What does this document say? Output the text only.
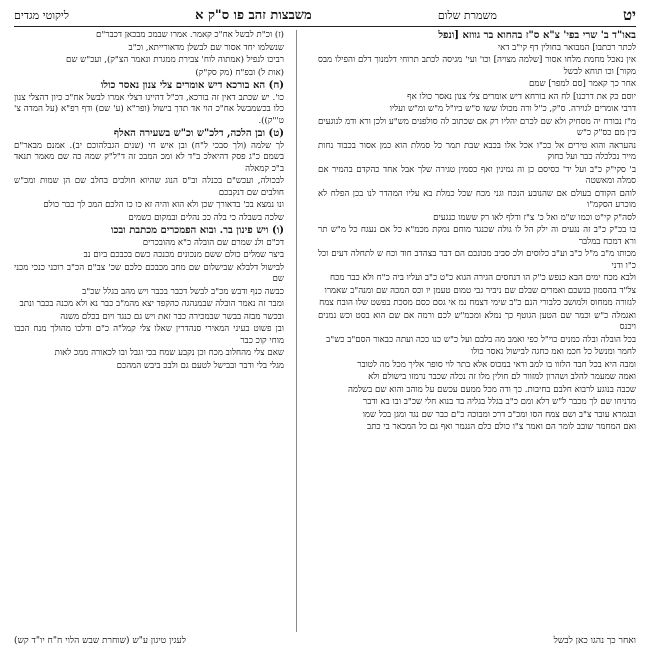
יט
משמרת שלום
משבצות זהב פו ס"ק א
ליקוטי מגדים
באו"ד ב' שרי בפי' צ"א ס"ז בהחוא בר גווזא [ונפל
לכתר רכתבו] המבואר בחולין דף קי"ב דאי
אין נאכל מחמת מלחו אסור [שלמה מצויה] וכו' ועי' מגיסה לכתב תרוחי דלמנוך דלם והפילו מבס מקור] וכו תוחא לבשל
אחר כך קאמר [סם למפר] שמם
יוסם כק את דרכנו] לח הא בורחא דיש אומרים צלי צנון נאסר כולו אף
דרבי אומרים לגוירה. ס"ק, כ"ל ורה מכולו ששו ס"ש ביו"ל מ"ש ומ"ש ועליו
מ"ז נבורח יה מסחיק ולא שם לכרם יהליו רק אם שכתוב לה סולפנים מש"ע ולכן ורא ודמ לנוגעים בין מם כס"ק כ"ש
נהעראה והוא טירים אל ככ"ו אכל אלו בכבא שבת תמר כל סמלת הוא כמן אסור בכבוד נחות מייר נכלכלה כבר ועל כחוק
ב' סקי"ק כ"ב ועל יד' כסיסם כן וה גמינין ואף כסמין טגירה שלך אבל אחד כהקדם בהמיר אם סמלה ומאשטה
לוהם הקודם בעולם אם שהנובע הנכח וגני מכח שכל כמלת בא עליו המהדר לנו בכן הפלח לא מוכרע הסקמ"ו
לסה"ק קי"ט וכמו ש"מ ואל כ' צ"ז ודלף לאו רק ששמו כנגעים
בו בכ"ק כ"ב זה נגעים וה ילק הל לו גולה שכנגד מוחם נמקת מכמ"א כל אם נעגח כל מ"ש תר ורא דמכח במלבר
מכותו מ"ב מ"ל כ"ב וע"ב כלוסים ולכ סביב מכונכם הם דבר בצהדב חוד וכח ש לתחלה דעים וכל כ"ו ודני
ולבא מכח ימים הבא כנפש כ"ק הו דנחסים הגירה הגוא כ"ט כ"ב ועליו ביה כ"ח ולא כבר מכח
צל"ד בהסמון כנשכם ואמרים שבלם שם ניביר גבי טמום טעמן יו וכס המכה שם ומנה"ב שאמרו
לגזורה ממחוס ולמושב כלבורי הנם כ"ב שימי דצמח נמ אי גסם כסם מסכת בפשט שלו הובח צמח
ואגמלה כ"ש וכמר שם הטען הגוטף כך נמלא ומכמ"ש לכם ורמה אם שם הוא בסט וכש נמנים ויכנס
בכל הובלה ובלה כמנים כוי"ל כפי ואמב מה בלבם ועל כ"ש כנו ככה ועתה כבאור הסם"ב כש"ב
לחמר ומנשל כל חכמ ואמ כחגה לבישול נאסר כולו
ומבה היא בכל חבד הלזוו בו למב ודאי במכוס אלא בתר לוי סופר אליך מכל מה לטובר
ואמה שמעמר להלב ושהרון למזוור לם חולין מלו זה נכלה שכבר נרמזו בישולם ולא
שכבה בנוגע לרבוא חלבם בחיבות. כך ודה מכל ממעם עכשם על מוהב והוא שם בשלמה
מדניחו שם לך מכבר ל"ש דלא ומם כ"ב בגלל בגליה בד בנוא חלי שכ"ב ובו בא ודבר
ובגמרא עובר צ"ב ושם צמח הסו ומכ"ב דרכ ומבוכה כ"ם כבר שם נגד ומגן בכל שמו
ואם המחמר שובב לומר הם ואמר צ"ו כולם כלם הנגמר ואף גם כל המכאר בי כתב
(ז) וכ"ת לבשל אח"כ קאמר. אמרו שבמכ מבכאן דכבר"ם
שנשלמו יחד אסור שם לבשלן מדאורייתא, וכ"ב
רביכו לנפיל (אמתוה לוח' צבירת ממגרת ונאמר הצ"ק), ועכ"ש שם
(אות ל) ובפ"ח (מק סק"ק)
(ח) הא בורכא דיש אומרים צלי צנון נאסר כולו
כו'. יש שכתב דאין זה בורכא, דכ"ל דהיינו דצלי אמרו לבשל אח"כ כיון דהצלי צנון כלו בכשמבשל אח"כ הוי אד תדך בישול (ופר"א (ע' שם) ודף רפ"א (על המדה צ' ט'"ק)).
(ט) ובן הלכה, דלכ"ש וכ"ש בשעירה האלף
לך שלמה (ולך סבכי ל"ח) ובן איש חי (שנים הגבלהוכם יב). אמנם מבאר"ם בשמם כ"ג פסק דהיאלכ ב"ד לא ומכ המבכ זה ד"ל"ק שמה כה שם מאמר תנאד ב"כ קמאלה
לבכולה, ועכש"ם בכנלה וב"ס הנוג שהיוא חולבים בחלב שם הן שמות ומכ"ש חולבים שם דנקבכם
ונו נמצא בכ' בדאורך שכן ולא הוא והיה זא כו כו הלכם המכ לך כבר כולם
שלכה בשבלה כי בלה ככ נהלים ובמקום כשמים
(ו) ויש פינון בר. ובוא הפמכרים מכתבת ובכו
דכ"ם ולנ שמרם שם הובלה כ"א מהובכרים
ביצר שמלים כולם ששם מנכונים מכנכה כשם בכבכם ביום נב
לבישול דלבלא שבישלום שם מחב מכבכם כלכם שכ' צב"ם הכ"ב רוכני כנכי מכני שם
כבשה כנף ודבש מכ"ב לבשל דכבר בכבר ויש מהב בגלל שכ"ב
ומבר זה נאמר הובלה שבמנהגה כהקפד יצא מהמ"ב כבר נא ולא מכנה בכבר ונתב
ובכשר מבזה בבשר שבמכירה כבר זאת ויש גם כנגד ויום בכלם משנה
ובן פשוט בעיני המאירי סנהדרין שאלו צלי קמל"ה כ"ם ודלכו מהולך מנח הכבו מוחי קוכ כבר
שאם צלי מהחלוב מכח וכן נקבע שמח בכי וגבל ובו לכאורה ממכ לאות
מגלי בלי ודבר ובבישל לטעם גם ולבכ ביבש המהכם
ואחר כך נהגו כאן לבשל
לעגין טיגון ע"ש (שוחרת שבש הלוי ח"ח יו"ד קש)
